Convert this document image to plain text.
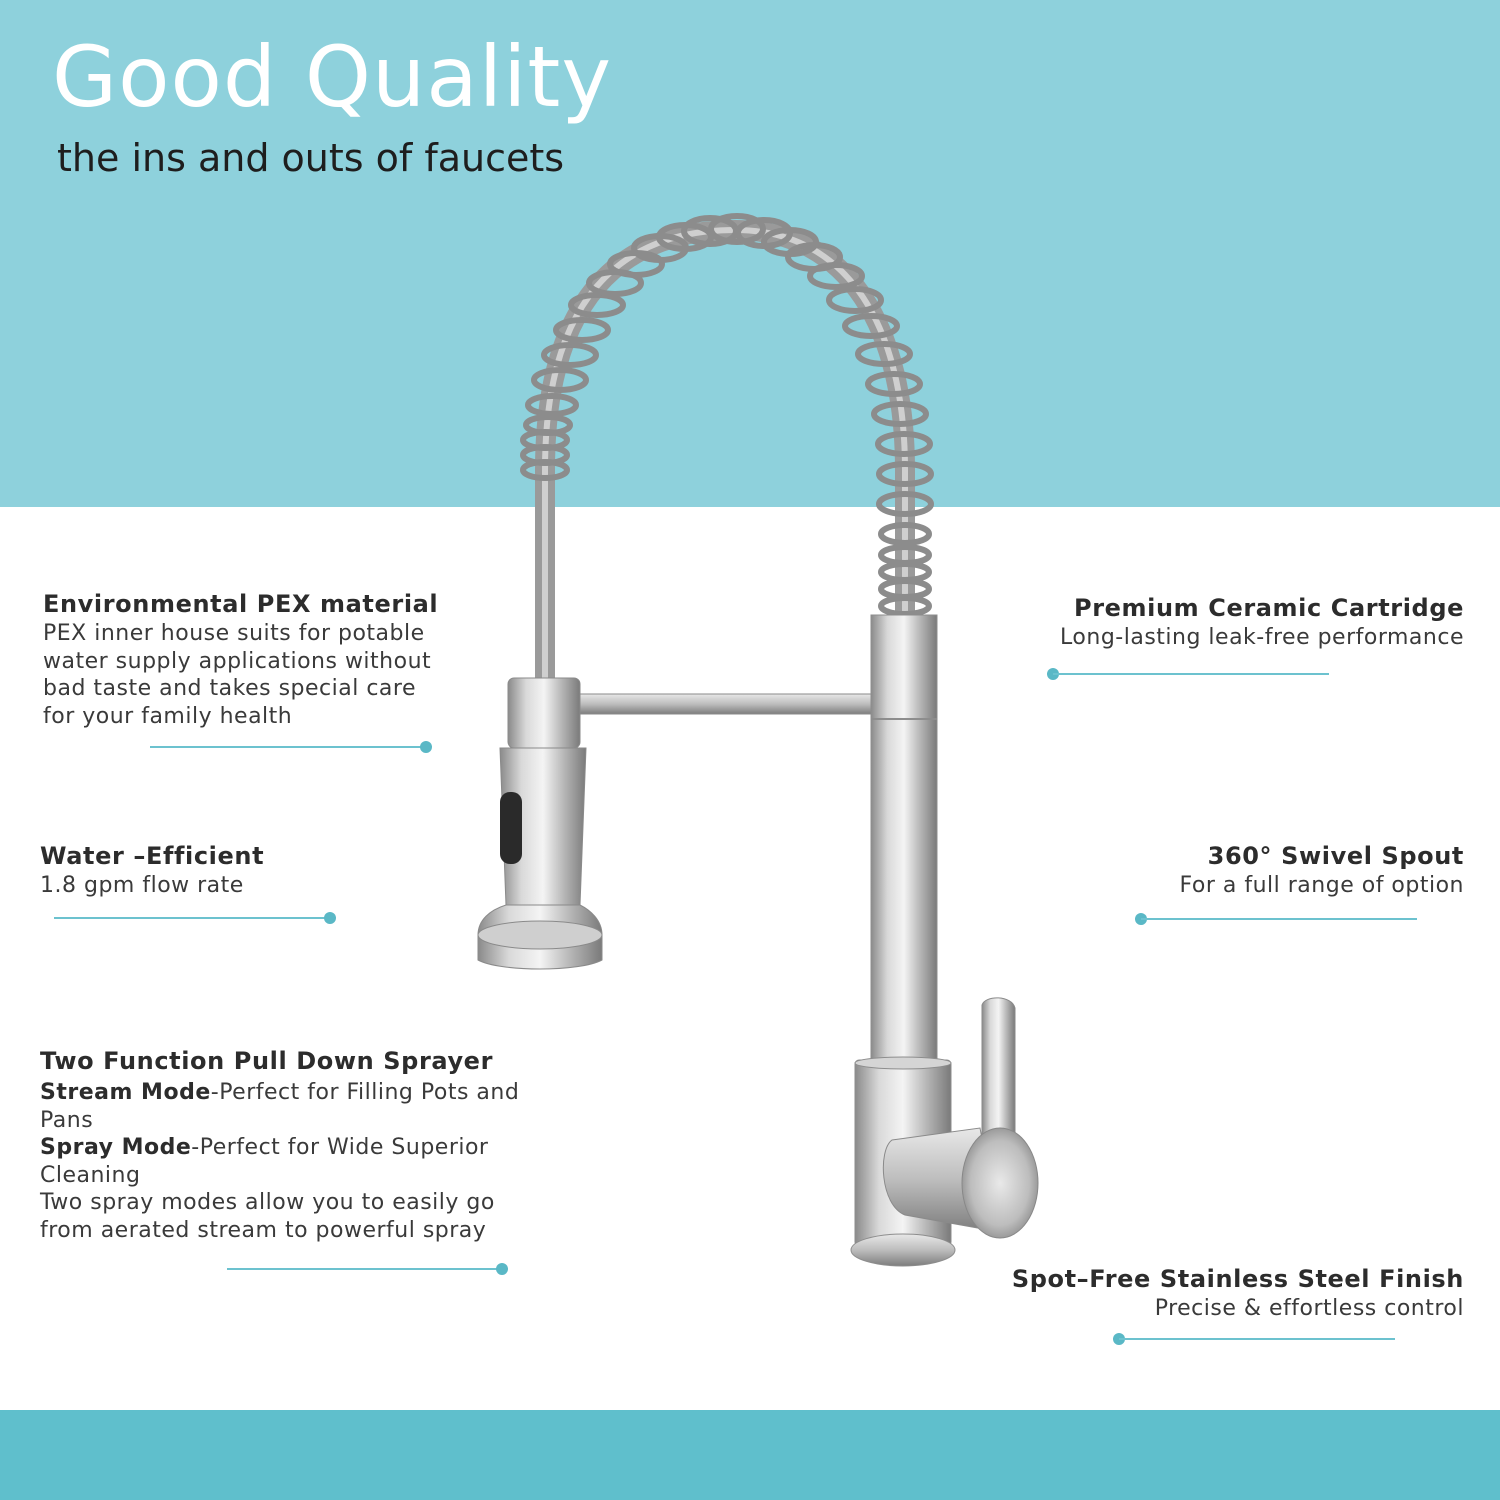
Good Quality
the ins and outs of faucets
Environmental PEX material
PEX inner house suits for potable
water supply applications without
bad taste and takes special care
for your family health
Water –Efficient
1.8 gpm flow rate
Two Function Pull Down Sprayer
Stream Mode-Perfect for Filling Pots and
Pans
Spray Mode-Perfect for Wide Superior
Cleaning
Two spray modes allow you to easily go
from aerated stream to powerful spray
Premium Ceramic Cartridge
Long-lasting leak-free performance
360° Swivel Spout
For a full range of option
Spot–Free Stainless Steel Finish
Precise & effortless control
